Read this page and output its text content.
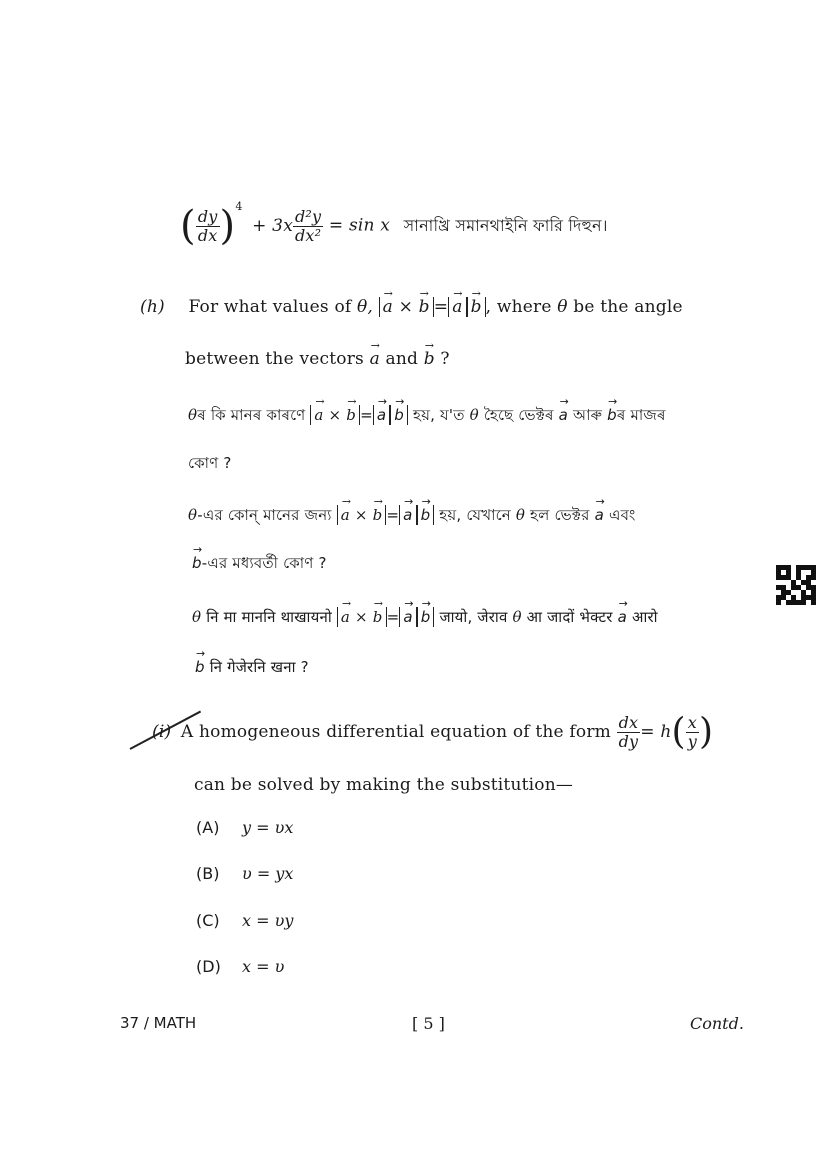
( $\frac{dy}{dx} )^4 + 3x \frac{\text{d²y}}{\text{dx²}} = \sin x$ সানাখ্ৰি সমানথাইনি ফারি দিহুন।
(h) For what values of θ, a → × b → = a → b → , where θ be the angle
between the vectors a → and b → ?
θৰ কি মানৰ কাৰণে a → × b → = a → b → হয়, য'ত θ হৈছে ভেক্টৰ a → আৰু b →ৰ মাজৰ
কোণ ?
θ-এর কোন্ মানের জন্য a → × b → = a → b → হয়, যেখানে θ হল ভেক্টর a → এবং
b →-এর মধ্যবর্তী কোণ ?
θ नि मा माननि थाखायनो a → × b → = a → b → जायो, जेराव θ आ जादों भेक्टर a → आरो
b → नि गेजेरनि खना ?
(i) A homogeneous differential equation of the form $\frac{dx}{dy} = h( \frac{x}{y}$ )
can be solved by making the substitution—
(A) y = υx
(B) υ = yx
(C) x = υy
(D) x = υ
37 / MATH	[ 5 ]	Contd.
